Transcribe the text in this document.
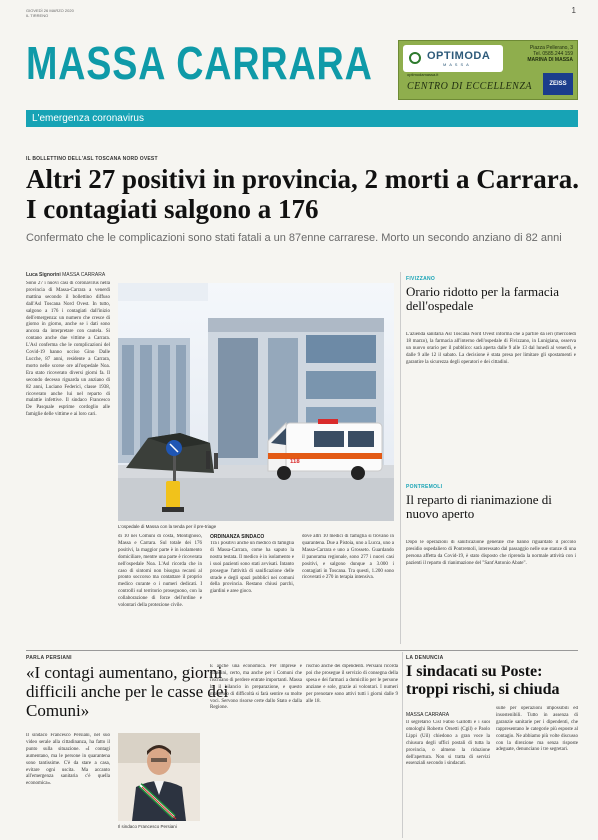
GIOVEDÌ 26 MARZO 2020
IL TIRRENO
1
MASSA CARRARA	OPTIMODA
M A S S A
Piazza Pellerano, 3
Tel. 0585.244 159
MARINA DI MASSA
optimodamassa.it
CENTRO DI ECCELLENZA	ZEISS
L'emergenza coronavirus
IL BOLLETTINO DELL'ASL TOSCANA NORD OVEST
Altri 27 positivi in provincia, 2 morti a Carrara. I contagiati salgono a 176
Confermato che le complicazioni sono stati fatali a un 87enne carrarese. Morto un secondo anziano di 82 anni
Luca Signorini MASSA CARRARA
Sono 27 i nuovi casi di coronavirus nella provincia di Massa-Carrara a venerdì mattina secondo il bollettino diffuso dall'Asl Toscana Nord Ovest. In tutto, salgono a 176 i contagiati dall'inizio dell'emergenza: un numero che cresce di giorno in giorno, anche se i dati sono ancora da interpretare con cautela. Si contano anche due vittime a Carrara. L'Asl conferma che le complicazioni del Covid-19 hanno ucciso Gino Dalle Lucche, 87 anni, residente a Carrara, morto nelle scorse ore all'ospedale Noa. Era stato ricoverato diversi giorni fa. Il secondo decesso riguarda un anziano di 82 anni, Luciano Federici, classe 1938, ricoverato anche lui nel reparto di malattie infettive. Il sindaco Francesco De Pasquale esprime cordoglio alle famiglie delle vittime e ai loro cari.
118
L'ospedale di Massa con la tenda per il pre-triage
di 10 nei Comuni di costa, Montignoso, Massa e Carrara. Sul totale dei 176 positivi, la maggior parte è in isolamento domiciliare, mentre una parte è ricoverata nell'ospedale Noa. L'Asl ricorda che in caso di sintomi non bisogna recarsi al pronto soccorso ma contattare il proprio medico curante o i numeri dedicati. I controlli sul territorio proseguono, con la collaborazione di forze dell'ordine e volontari della protezione civile.
ORDINANZA SINDACO
Tra i positivi anche un medico di famiglia di Massa-Carrara, come ha saputo la nostra testata. Il medico è in isolamento e i suoi pazienti sono stati avvisati. Intanto prosegue l'attività di sanificazione delle strade e degli spazi pubblici nei comuni della provincia. Restano chiusi parchi, giardini e aree gioco.
dove altri 10 medici di famiglia si trovano in quarantena. Due a Pistoia, uno a Lucca, uno a Massa-Carrara e uno a Grosseto. Guardando il panorama regionale, sono 277 i nuovi casi positivi, e salgono dunque a 3.000 i contagiati in Toscana. Tra questi, 1.200 sono ricoverati e 270 in terapia intensiva.
FIVIZZANO
Orario ridotto per la farmacia dell'ospedale
L'azienda sanitaria Asl Toscana Nord Ovest informa che a partire da ieri (mercoledì 18 marzo), la farmacia all'interno dell'ospedale di Fivizzano, in Lunigiana, osserva un nuovo orario per il pubblico: sarà aperta dalle 9 alle 13 dal lunedì al venerdì, e dalle 9 alle 12 il sabato. La decisione è stata presa per limitare gli spostamenti e garantire la sicurezza degli operatori e dei cittadini.
PONTREMOLI
Il reparto di rianimazione di nuovo aperto
Dopo le operazioni di sanificazione generale che hanno riguardato il piccolo presidio ospedaliero di Pontremoli, interessato dal passaggio nelle sue stanze di una persona affetta da Covid-19, è stato disposto che riprenda la normale attività con i pazienti il reparto di rianimazione del "Sant'Antonio Abate".
PARLA PERSIANI
«I contagi aumentano, giorni difficili anche per le casse dei Comuni»
Il sindaco Francesco Persiani, nel suo video serale alla cittadinanza, ha fatto il punto sulla situazione. «I contagi aumentano, ma le persone in quarantena sono tantissime. C'è da stare a casa, evitare ogni uscita. Ma accanto all'emergenza sanitaria c'è quella economica».
Il sindaco Francesco Persiani
E anche una economica. Per imprese e cittadini, certo, ma anche per i Comuni che rischiano di perdere entrate importanti. Massa ha il bilancio in preparazione, e questo momento di difficoltà si farà sentire su molte voci. Servono risorse certe dallo Stato e dalla Regione.
rischio anche dei dipendenti. Persiani ricorda poi che prosegue il servizio di consegna della spesa e dei farmaci a domicilio per le persone anziane e sole, grazie ai volontari. I numeri per prenotare sono attivi tutti i giorni dalle 9 alle 18.
LA DENUNCIA
I sindacati su Poste: troppi rischi, si chiuda
MASSA CARRARA
Il segretario Cisl Fabio Gallotti e i suoi omologhi Roberto Orsetti (Cgil) e Paolo Lippi (Uil) chiedono a gran voce la chiusura degli uffici postali di tutta la provincia, o almeno la riduzione dell'apertura. Non si tratta di servizi essenziali secondo i sindacati.
sulle per operazioni impossibili ed insostenibili. Tutto in assenza di garanzie sanitarie per i dipendenti, che rappresentano le categorie più esposte al contagio. Ne abbiamo più volte discusso con la direzione ma senza risposte adeguate, denunciano i tre segretari.
